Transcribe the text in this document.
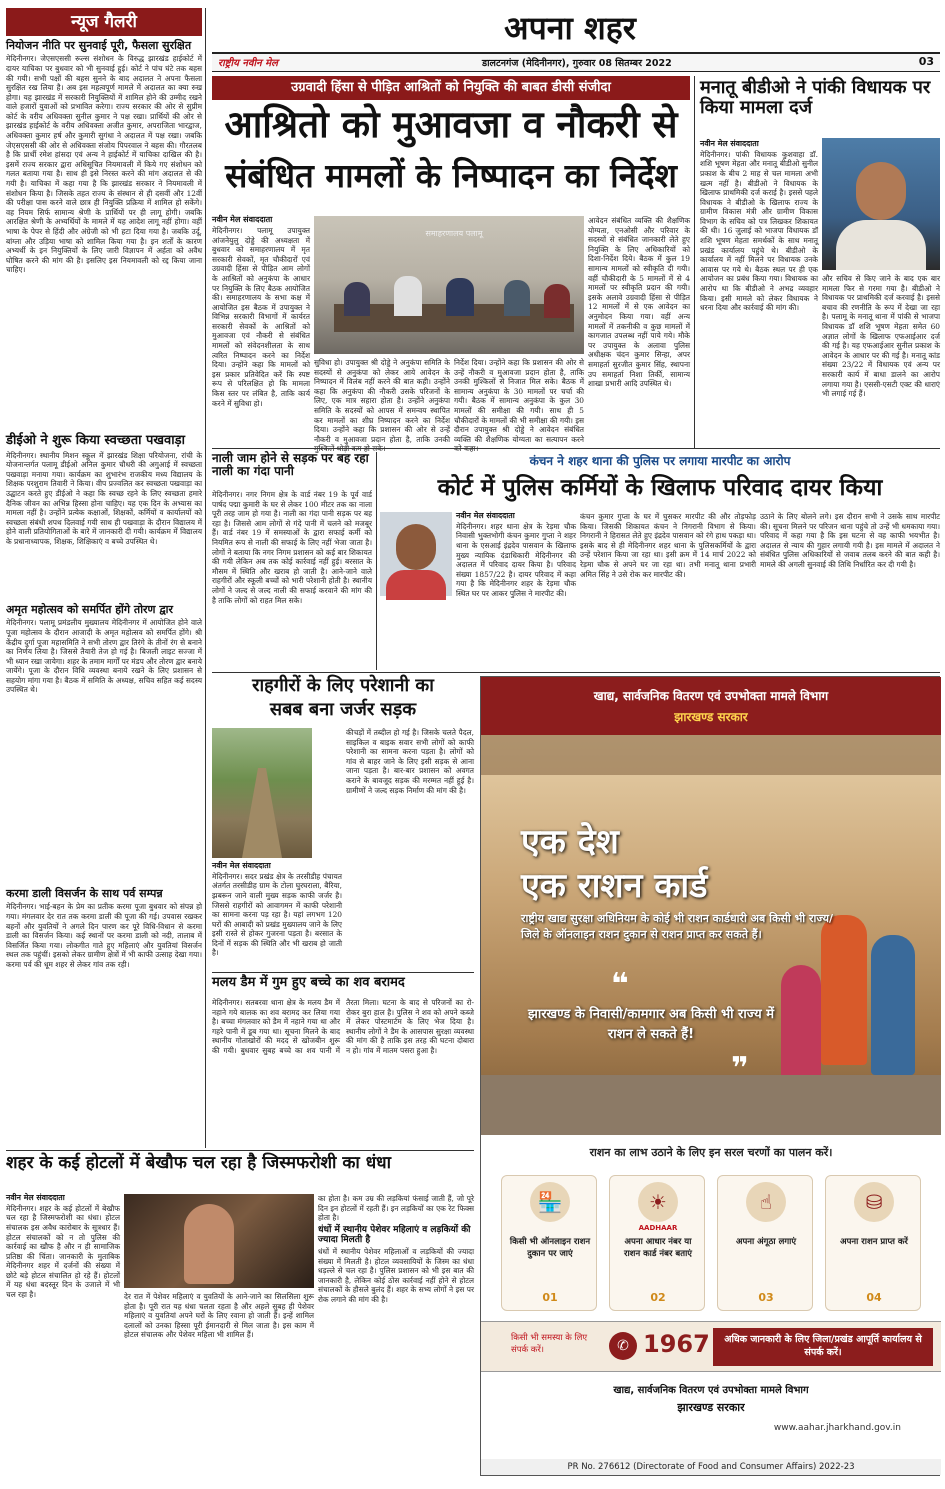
न्यूज गैलरी	अपना शहर
राष्ट्रीय नवीन मेल	डालटनगंज (मेदिनीनगर), गुरुवार 08 सितम्बर 2022	03
नियोजन नीति पर सुनवाई पूरी, फैसला सुरक्षित
मेदिनीनगर। जेएसएससी रूल्स संशोधन के विरुद्ध झारखंड हाईकोर्ट में दायर याचिका पर बुधवार को भी सुनवाई हुई। कोर्ट ने पांच घंटे तक बहस की गयी। सभी पक्षों की बहस सुनने के बाद अदालत ने अपना फैसला सुरक्षित रख लिया है। अब इस महत्वपूर्ण मामले में अदालत का क्या रुख होगा। यह झारखंड में सरकारी नियुक्तियों में शामिल होने की उम्मीद रखने वाले हजारों युवाओं को प्रभावित करेगा। राज्य सरकार की ओर से सुप्रीम कोर्ट के वरीय अधिवक्ता सुनील कुमार ने पक्ष रखा। प्रार्थियों की ओर से झारखंड हाईकोर्ट के वरीय अधिवक्ता अजीत कुमार, अपराजिता भारद्वाज, अधिवक्ता कुमार हर्ष और कुमारी सुगंधा ने अदालत में पक्ष रखा। जबकि जेएसएससी की ओर से अधिवक्ता संजोय पिपरवाल ने बहस की। गौरतलब है कि प्रार्थी रमेश हांसदा एवं अन्य ने हाईकोर्ट में याचिका दाखिल की है। इसमें राज्य सरकार द्वारा अधिसूचित नियमावली में किये गए संशोधन को गलत बताया गया है। साथ ही इसे निरस्त करने की मांग अदालत से की गयी है। याचिका में कहा गया है कि झारखंड सरकार ने नियमावली में संशोधन किया है। जिसके तहत राज्य के संस्थान से ही दसवीं और 12वीं की परीक्षा पास करने वाले छात्र ही नियुक्ति प्रक्रिया में शामिल हो सकेंगे। वह नियम सिर्फ सामान्य श्रेणी के प्रार्थियों पर ही लागू होगी। जबकि आरक्षित श्रेणी के अभ्यर्थियों के मामले में यह आदेश लागू नहीं होगा। वहीं भाषा के पेपर से हिंदी और अंग्रेजी को भी हटा दिया गया है। जबकि उर्दू, बांग्ला और उड़िया भाषा को शामिल किया गया है। इन शर्तों के कारण अभ्यर्थी के इन नियुक्तियों के लिए जारी विज्ञापन में अर्हता को अवैध घोषित करने की मांग की है। इसलिए इस नियमावली को रद्द किया जाना चाहिए।
डीईओ ने शुरू किया स्वच्छता पखवाड़ा
मेदिनीनगर। स्थानीय मिशन स्कूल में झारखंड शिक्षा परियोजना, रांची के योजनान्तर्गत पलामू डीईओ अनिल कुमार चौधरी की अगुआई में स्वच्छता पखवाड़ा मनाया गया। कार्यक्रम का शुभारंभ राजकीय मध्य विद्यालय के शिक्षक परशुराम तिवारी ने किया। वीप प्रज्वलित कर स्वच्छता पखवाड़ा का उद्घाटन करते हुए डीईओ ने कहा कि स्वच्छ रहने के लिए स्वच्छता हमारे दैनिक जीवन का अभिन्न हिस्सा होना चाहिए। यह एक दिन के अभ्यास का मामला नहीं है। उन्होंने प्रत्येक कक्षाओं, शिक्षकों, कर्मियों व कार्यालयों को स्वच्छता संबंधी शपथ दिलवाई गयी साथ ही पखवाड़ा के दौरान विद्यालय में होने वाली प्रतियोगिताओं के बारे में जानकारी दी गयी। कार्यक्रम में विद्यालय के प्रधानाध्यापक, शिक्षक, शिक्षिकाएं व बच्चे उपस्थित थे।
अमृत महोत्सव को समर्पित होंगे तोरण द्वार
मेदिनीनगर। पलामू प्रमंडलीय मुख्यालय मेदिनीनगर में आयोजित होने वाले पूजा महोत्सव के दौरान आजादी के अमृत महोत्सव को समर्पित होंगे। श्री केंद्रीय दुर्गा पूजा महासमिति ने सभी तोरण द्वार तिरंगे के तीनों रंग से बनाने का निर्णय लिया है। जिससे तैयारी तेज हो गई है। बिजली लाइट सज्जा में भी ध्यान रखा जायेगा। शहर के तमाम मार्गों पर मंडप और तोरण द्वार बनाये जायेंगे। पूजा के दौरान विधि व्यवस्था बनाये रखने के लिए प्रशासन से सहयोग मांगा गया है। बैठक में समिति के अध्यक्ष, सचिव सहित कई सदस्य उपस्थित थे।
करमा डाली विसर्जन के साथ पर्व सम्पन्न
मेदिनीनगर। भाई-बहन के प्रेम का प्रतीक करमा पूजा बुधवार को संपन्न हो गया। मंगलवार देर रात तक करमा डाली की पूजा की गई। उपवास रखकर बहनों और युवतियों ने अगले दिन पारण कर पूरे विधि-विधान से करमा डाली का विसर्जन किया। कई स्थानों पर करमा डाली को नदी, तालाब में विसर्जित किया गया। लोकगीत गाते हुए महिलाएं और युवतियां विसर्जन स्थल तक पहुंचीं। इसको लेकर ग्रामीण क्षेत्रों में भी काफी उत्साह देखा गया। करमा पर्व की धूम शहर से लेकर गांव तक रही।
उग्रवादी हिंसा से पीड़ित आश्रितों को नियुक्ति की बाबत डीसी संजीदा
आश्रितो को मुआवजा व नौकरी से
संबंधित मामलों के निष्पादन का निर्देश
नवीन मेल संवाददाता
मेदिनीनगर। पलामू उपायुक्त आंजनेयुलु दोड्डे की अध्यक्षता में बुधवार को समाहरणालय में मृत सरकारी सेवकों, मृत चौकीदारों एवं उग्रवादी हिंसा से पीड़ित आम लोगों के आश्रितों को अनुकंपा के आधार पर नियुक्ति के लिए बैठक आयोजित की। समाहरणालय के सभा कक्ष में आयोजित इस बैठक में उपायुक्त ने विभिन्न सरकारी विभागों में कार्यरत सरकारी सेवकों के आश्रितों को मुआवजा एवं नौकरी से संबंधित मामलों को संवेदनशीलता के साथ त्वरित निष्पादन करने का निर्देश दिया। उन्होंने कहा कि मामलों को इस प्रकार प्रतिवेदित करें कि स्पष्ट रूप से परिलक्षित हो कि मामला किस स्तर पर लंबित है, ताकि कार्य करने में सुविधा हो।
समाहरणालय पलामू
सुविधा हो। उपायुक्त श्री दोड्डे ने अनुकंपा समिति के सदस्यों से अनुकंपा को लेकर आये आवेदन के निष्पादन में विलंब नहीं करने की बात कही। उन्होंने कहा कि अनुकंपा की नौकरी उसके परिजनों के लिए, एक मात्र सहारा होता है। उन्होंने अनुकंपा समिति के सदस्यों को आपस में समन्वय स्थापित कर मामलों का शीघ्र निष्पादन करने का निर्देश दिया। उन्होंने कहा कि प्रशासन की ओर से उन्हें नौकरी व मुआवजा प्रदान होता है, ताकि उनकी
निर्देश दिया। उन्होंने कहा कि प्रशासन की ओर से उन्हें नौकरी व मुआवजा प्रदान होता है, ताकि उनकी मुश्किलों से निजात मिल सके। बैठक में सामान्य अनुकंपा के 30 मामलों पर चर्चा की गयी। बैठक में सामान्य अनुकंपा के कुल 30 मामलों की समीक्षा की गयी। साथ ही 5 चौकीदारों के मामलों की भी समीक्षा की गयी। इस दौरान उपायुक्त श्री दोड्डे ने आवेदन संबंधित व्यक्ति की शैक्षणिक योग्यता का सत्यापन करने
आवेदन संबंधित व्यक्ति की शैक्षणिक योग्यता, एनओसी और परिवार के सदस्यों से संबंधित जानकारी लेते हुए नियुक्ति के लिए अधिकारियों को दिशा-निर्देश दिये। बैठक में कुल 19 सामान्य मामलों को स्वीकृति दी गयी। वहीं चौकीदारी के 5 मामलों में से 4 मामलों पर स्वीकृति प्रदान की गयी। इसके अलावे उग्रवादी हिंसा से पीड़ित 12 मामलों में से एक आवेदन का अनुमोदन किया गया। वहीं अन्य मामलों में तकनीकी व कुछ मामलों में कागजात उपलब्ध नहीं पाये गये। मौके पर उपायुक्त के अलावा पुलिस अधीक्षक चंदन कुमार सिन्हा, अपर समाहर्ता सुरजीत कुमार सिंह, स्थापना उप समाहर्ता निशा तिर्की, सामान्य शाखा प्रभारी आदि उपस्थित थे।
मनातू बीडीओ ने पांकी विधायक पर किया मामला दर्ज
नवीन मेल संवाददाता
मेदिनीनगर। पांकी विधायक कुशवाहा डॉ. शशि भूषण मेहता और मनातू बीडीओ सुनील प्रकाश के बीच 2 माह से चल मामला अभी खत्म नहीं है। बीडीओ ने विधायक के खिलाफ प्राथमिकी दर्ज कराई है। इससे पहले विधायक ने बीडीओ के खिलाफ राज्य के ग्रामीण विकास मंत्री और ग्रामीण विकास विभाग के सचिव को पत्र लिखकर शिकायत की थी। 16 जुलाई को भाजपा विधायक डॉ शशि भूषण मेहता समर्थकों के साथ मनातू प्रखंड कार्यालय पहुंचे थे। बीडीओ के कार्यालय में नहीं मिलने पर विधायक उनके आवास पर गये थे। बैठक स्थल पर ही एक आयोजन का प्रबंध किया गया। विधायक का आरोप था कि बीडीओ ने अभद्र व्यवहार किया। इसी मामले को लेकर विधायक ने धरना दिया और कार्रवाई की मांग की।
और सचिव से किए जाने के बाद एक बार मामला फिर से गरमा गया है। बीडीओ ने विधायक पर प्राथमिकी दर्ज करवाई है। इससे बचाव की रणनीति के रूप में देखा जा रहा है। पलामू के मनातू थाना में पांकी से भाजपा विधायक डॉ शशि भूषण मेहता समेत 60 अज्ञात लोगों के खिलाफ एफआईआर दर्ज की गई है। यह एफआईआर सुनील प्रकाश के आवेदन के आधार पर की गई है। मनातू कांड संख्या 23/22 में विधायक एवं अन्य पर सरकारी कार्य में बाधा डालने का आरोप लगाया गया है। एससी-एसटी एक्ट की धाराएं भी लगाई गई हैं।
नाली जाम होने से सड़क पर बह रहा नाली का गंदा पानी
मेदिनीनगर। नगर निगम क्षेत्र के वार्ड नंबर 19 के पूर्व वार्ड पार्षद पद्मा कुमारी के घर से लेकर 100 मीटर तक का नाला पूरी तरह जाम हो गया है। नाली का गंदा पानी सड़क पर बह रहा है। जिससे आम लोगों से गंदे पानी में चलने को मजबूर हैं। वार्ड नंबर 19 में समस्याओं के द्वारा सफाई कर्मी को नियमित रूप से नाली की सफाई के लिए नहीं भेजा जाता है। लोगों ने बताया कि नगर निगम प्रशासन को कई बार शिकायत की गयी लेकिन अब तक कोई कार्रवाई नहीं हुई। बरसात के मौसम में स्थिति और खराब हो जाती है। आने-जाने वाले राहगीरों और स्कूली बच्चों को भारी परेशानी होती है। स्थानीय लोगों ने जल्द से जल्द नाली की सफाई करवाने की मांग की है ताकि लोगों को राहत मिल सके।
कंचन ने शहर थाना की पुलिस पर लगाया मारपीट का आरोप
कोर्ट में पुलिस कर्मियों के खिलाफ परिवाद दायर किया
नवीन मेल संवाददाता
मेदिनीनगर। शहर थाना क्षेत्र के रेड़मा चौक निवासी भुक्तभोगी कंचन कुमार गुप्ता ने शहर थाना के एसआई इंद्रदेव पासवान के खिलाफ मुख्य न्यायिक दंडाधिकारी मेदिनीनगर की अदालत में परिवाद दायर किया है। परिवाद संख्या 1857/22 है। दायर परिवाद में कहा गया है कि मेदिनीनगर शहर के रेड़मा चौक स्थित घर पर आकर पुलिस ने मारपीट की।
कंचन कुमार गुप्ता के घर में घुसकर मारपीट की और तोड़फोड़ किया। जिसकी शिकायत कंचन ने निगरानी विभाग से किया। निगरानी ने हिरासत लेते हुए इंद्रदेव पासवान को रंगे हाथ पकड़ा था। इसके बाद से ही मेदिनीनगर शहर थाना के पुलिसकर्मियों के द्वारा उन्हें परेशान किया जा रहा था। इसी क्रम में 14 मार्च 2022 को रेड़मा चौक से अपने घर जा रहा था। तभी मनातू थाना प्रभारी अमित सिंह ने उसे रोक कर मारपीट की।
उठाने के लिए बोलने लगे। इस दौरान सभी ने उसके साथ मारपीट की। सूचना मिलने पर परिजन थाना पहुंचे तो उन्हें भी धमकाया गया। परिवाद में कहा गया है कि इस घटना से वह काफी भयभीत है। अदालत से न्याय की गुहार लगायी गयी है। इस मामले में अदालत ने संबंधित पुलिस अधिकारियों से जवाब तलब करने की बात कही है। मामले की अगली सुनवाई की तिथि निर्धारित कर दी गयी है।
राहगीरों के लिए परेशानी का
सबब बना जर्जर सड़क
नवीन मेल संवाददाता
मेदिनीनगर। सदर प्रखंड क्षेत्र के तरसीडीह पंचायत अंतर्गत तरसीडीह ग्राम के टोला घुरघराला, बैरिया, झबरून जाने वाली मुख्य सड़क काफी जर्जर है। जिससे राहगीरों को आवागमन में काफी परेशानी का सामना करना पड़ रहा है। यहां लगभग 120 घरों की आबादी को प्रखंड मुख्यालय जाने के लिए इसी रास्ते से होकर गुजरना पड़ता है। बरसात के दिनों में सड़क की स्थिति और भी खराब हो जाती है।
कीचड़ों में तब्दील हो गई है। जिसके चलते पैदल, साइकिल व बाइक सवार सभी लोगों को काफी परेशानी का सामना करना पड़ता है। लोगों को गांव से बाहर जाने के लिए इसी सड़क से आना जाना पड़ता है। बार-बार प्रशासन को अवगत कराने के बावजूद सड़क की मरम्मत नहीं हुई है। ग्रामीणों ने जल्द सड़क निर्माण की मांग की है।
मलय डैम में गुम हुए बच्चे का शव बरामद
मेदिनीनगर। सतबरवा थाना क्षेत्र के मलय डैम में नहाने गये बालक का शव बरामद कर लिया गया है। बच्चा मंगलवार को डैम में नहाने गया था और गहरे पानी में डूब गया था। सूचना मिलने के बाद स्थानीय गोताखोरों की मदद से खोजबीन शुरू की गयी। बुधवार सुबह बच्चे का शव पानी में तैरता मिला। घटना के बाद से परिजनों का रो-रोकर बुरा हाल है। पुलिस ने शव को अपने कब्जे में लेकर पोस्टमार्टम के लिए भेज दिया है। स्थानीय लोगों ने डैम के आसपास सुरक्षा व्यवस्था की मांग की है ताकि इस तरह की घटना दोबारा न हो। गांव में मातम पसरा हुआ है।
शहर के कई होटलों में बेखौफ चल रहा है जिस्मफरोशी का धंधा
नवीन मेल संवाददाता
मेदिनीनगर। शहर के कई होटलों में बेखौफ चल रहा है जिस्मफरोशी का धंधा। होटल संचालक इस अवैध कारोबार के सूत्रधार हैं। होटल संचालकों को न तो पुलिस की कार्रवाई का खौफ है और न ही सामाजिक प्रतिष्ठा की चिंता। जानकारी के मुताबिक मेदिनीनगर शहर में दर्जनों की संख्या में छोटे बड़े होटल संचालित हो रहे हैं। होटलों में यह धंधा बदस्तूर दिन के उजाले में भी चल रहा है।	देर रात में पेशेवर महिलाएं व युवतियों के आने-जाने का सिलसिला शुरू होता है। पूरी रात यह धंधा चलता रहता है और अहले सुबह ही पेशेवर महिलाएं व युवतियां अपने घरों के लिए रवाना हो जाती हैं। इन्हें शामिल दलालों को उनका हिस्सा पूरी ईमानदारी से मिल जाता है। इस काम में होटल संचालक और पेशेवर महिला भी शामिल हैं।
का होता है। कम उम्र की लड़कियां फंसाई जाती हैं, जो पूरे दिन इन होटलों में रहती हैं। इन लड़कियों का एक रेट फिक्स होता है।
धंधों में स्थानीय पेशेवर महिलाएं व लड़कियों की ज्यादा मिलती है
धंधों में स्थानीय पेशेवर महिलाओं व लड़कियों की ज्यादा संख्या में मिलती है। होटल व्यवसायियों के जिस्म का धंधा धड़ल्ले से चल रहा है। पुलिस प्रशासन को भी इस बात की जानकारी है, लेकिन कोई ठोस कार्रवाई नहीं होने से होटल संचालकों के हौसले बुलंद हैं। शहर के सभ्य लोगों ने इस पर रोक लगाने की मांग की है।
खाद्य, सार्वजनिक वितरण एवं उपभोक्ता मामले विभाग
झारखण्ड सरकार
एक देश
एक राशन कार्ड
राष्ट्रीय खाद्य सुरक्षा अधिनियम के कोई भी राशन कार्डधारी अब किसी भी राज्य/जिले के ऑनलाइन राशन दुकान से राशन प्राप्त कर सकते हैं।
❝
झारखण्ड के निवासी/कामगार अब किसी भी राज्य में राशन ले सकते हैं!
❞
राशन का लाभ उठाने के लिए इन सरल चरणों का पालन करें।
🏪
किसी भी ऑनलाइन राशन दुकान पर जाएं
01
☀
AADHAAR
अपना आधार नंबर या राशन कार्ड नंबर बताएं
02
☝
अपना अंगूठा लगाएं
03
⛁
अपना राशन प्राप्त करें
04
किसी भी समस्या के लिए संपर्क करें।	✆ 1967	अधिक जानकारी के लिए जिला/प्रखंड आपूर्ति कार्यालय से संपर्क करें।
खाद्य, सार्वजनिक वितरण एवं उपभोक्ता मामले विभाग
झारखण्ड सरकार
www.aahar.jharkhand.gov.in
PR No. 276612 (Directorate of Food and Consumer Affairs) 2022-23
